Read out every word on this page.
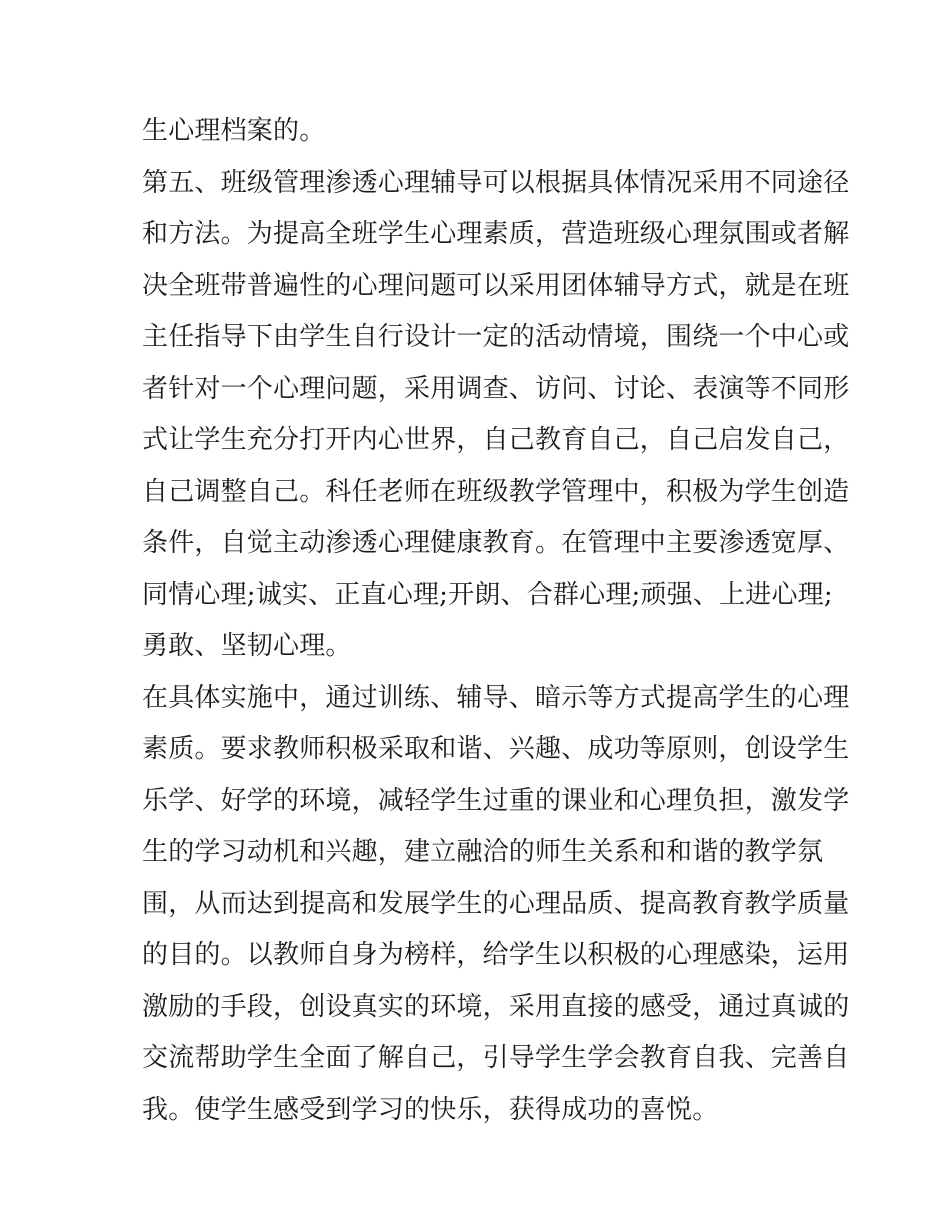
生心理档案的。
第五、班级管理渗透心理辅导可以根据具体情况采用不同途径
和方法。为提高全班学生心理素质，营造班级心理氛围或者解
决全班带普遍性的心理问题可以采用团体辅导方式，就是在班
主任指导下由学生自行设计一定的活动情境，围绕一个中心或
者针对一个心理问题，采用调查、访问、讨论、表演等不同形
式让学生充分打开内心世界，自己教育自己，自己启发自己，
自己调整自己。科任老师在班级教学管理中，积极为学生创造
条件，自觉主动渗透心理健康教育。在管理中主要渗透宽厚、
同情心理;诚实、正直心理;开朗、合群心理;顽强、上进心理;
勇敢、坚韧心理。
在具体实施中，通过训练、辅导、暗示等方式提高学生的心理
素质。要求教师积极采取和谐、兴趣、成功等原则，创设学生
乐学、好学的环境，减轻学生过重的课业和心理负担，激发学
生的学习动机和兴趣，建立融洽的师生关系和和谐的教学氛
围，从而达到提高和发展学生的心理品质、提高教育教学质量
的目的。以教师自身为榜样，给学生以积极的心理感染，运用
激励的手段，创设真实的环境，采用直接的感受，通过真诚的
交流帮助学生全面了解自己，引导学生学会教育自我、完善自
我。使学生感受到学习的快乐，获得成功的喜悦。
